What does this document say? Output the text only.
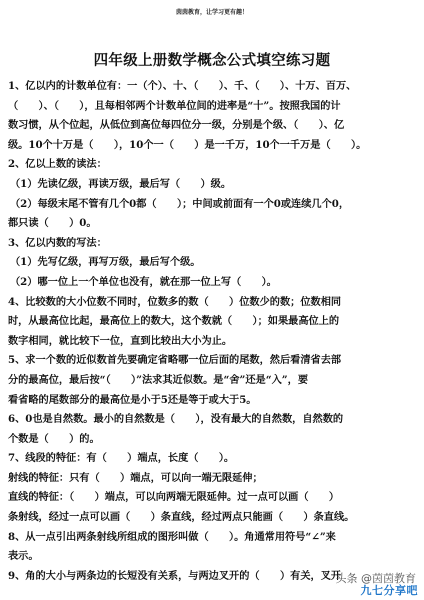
茵茵教育，让学习更有趣！
四年级上册数学概念公式填空练习题
1、亿以内的计数单位有：一（个）、十、（　　）、千、（　　）、十万、百万、
（　　）、（　　），且每相邻两个计数单位间的进率是“十”。按照我国的计
数习惯，从个位起，从低位到高位每四位分一级，分别是个级、（　　）、亿
级。10个十万是（　　），10个一（　　）是一千万，10个一千万是（　　）。
2、亿以上数的读法：
（1）先读亿级，再读万级，最后写（　　）级。
（2）每级末尾不管有几个0都（　　）；中间或前面有一个0或连续几个0，
都只读（　　）0。
3、亿以内数的写法：
（1）先写亿级，再写万级，最后写个级。
（2）哪一位上一个单位也没有，就在那一位上写（　　）。
4、比较数的大小位数不同时，位数多的数（　　）位数少的数；位数相同
时，从最高位比起，最高位上的数大，这个数就（　　）；如果最高位上的
数字相同，就比较下一位，直到比较出大小为止。
5、求一个数的近似数首先要确定省略哪一位后面的尾数，然后看清省去部
分的最高位，最后按“（　　）”法求其近似数。是“舍”还是“入”，要
看省略的尾数部分的最高位是小于5还是等于或大于5。
6、0也是自然数。最小的自然数是（　　），没有最大的自然数，自然数的
个数是（　　）的。
7、线段的特征：有（　　）端点，长度（　　）。
射线的特征：只有（　　）端点，可以向一端无限延伸；
直线的特征：（　　）端点，可以向两端无限延伸。过一点可以画（　　）
条射线，经过一点可以画（　　）条直线，经过两点只能画（　　）条直线。
8、从一点引出两条射线所组成的图形叫做（　　）。角通常用符号“∠”来
表示。
9、角的大小与两条边的长短没有关系，与两边叉开的（　　）有关，叉开
头条 @茵茵教育
九七分享吧
